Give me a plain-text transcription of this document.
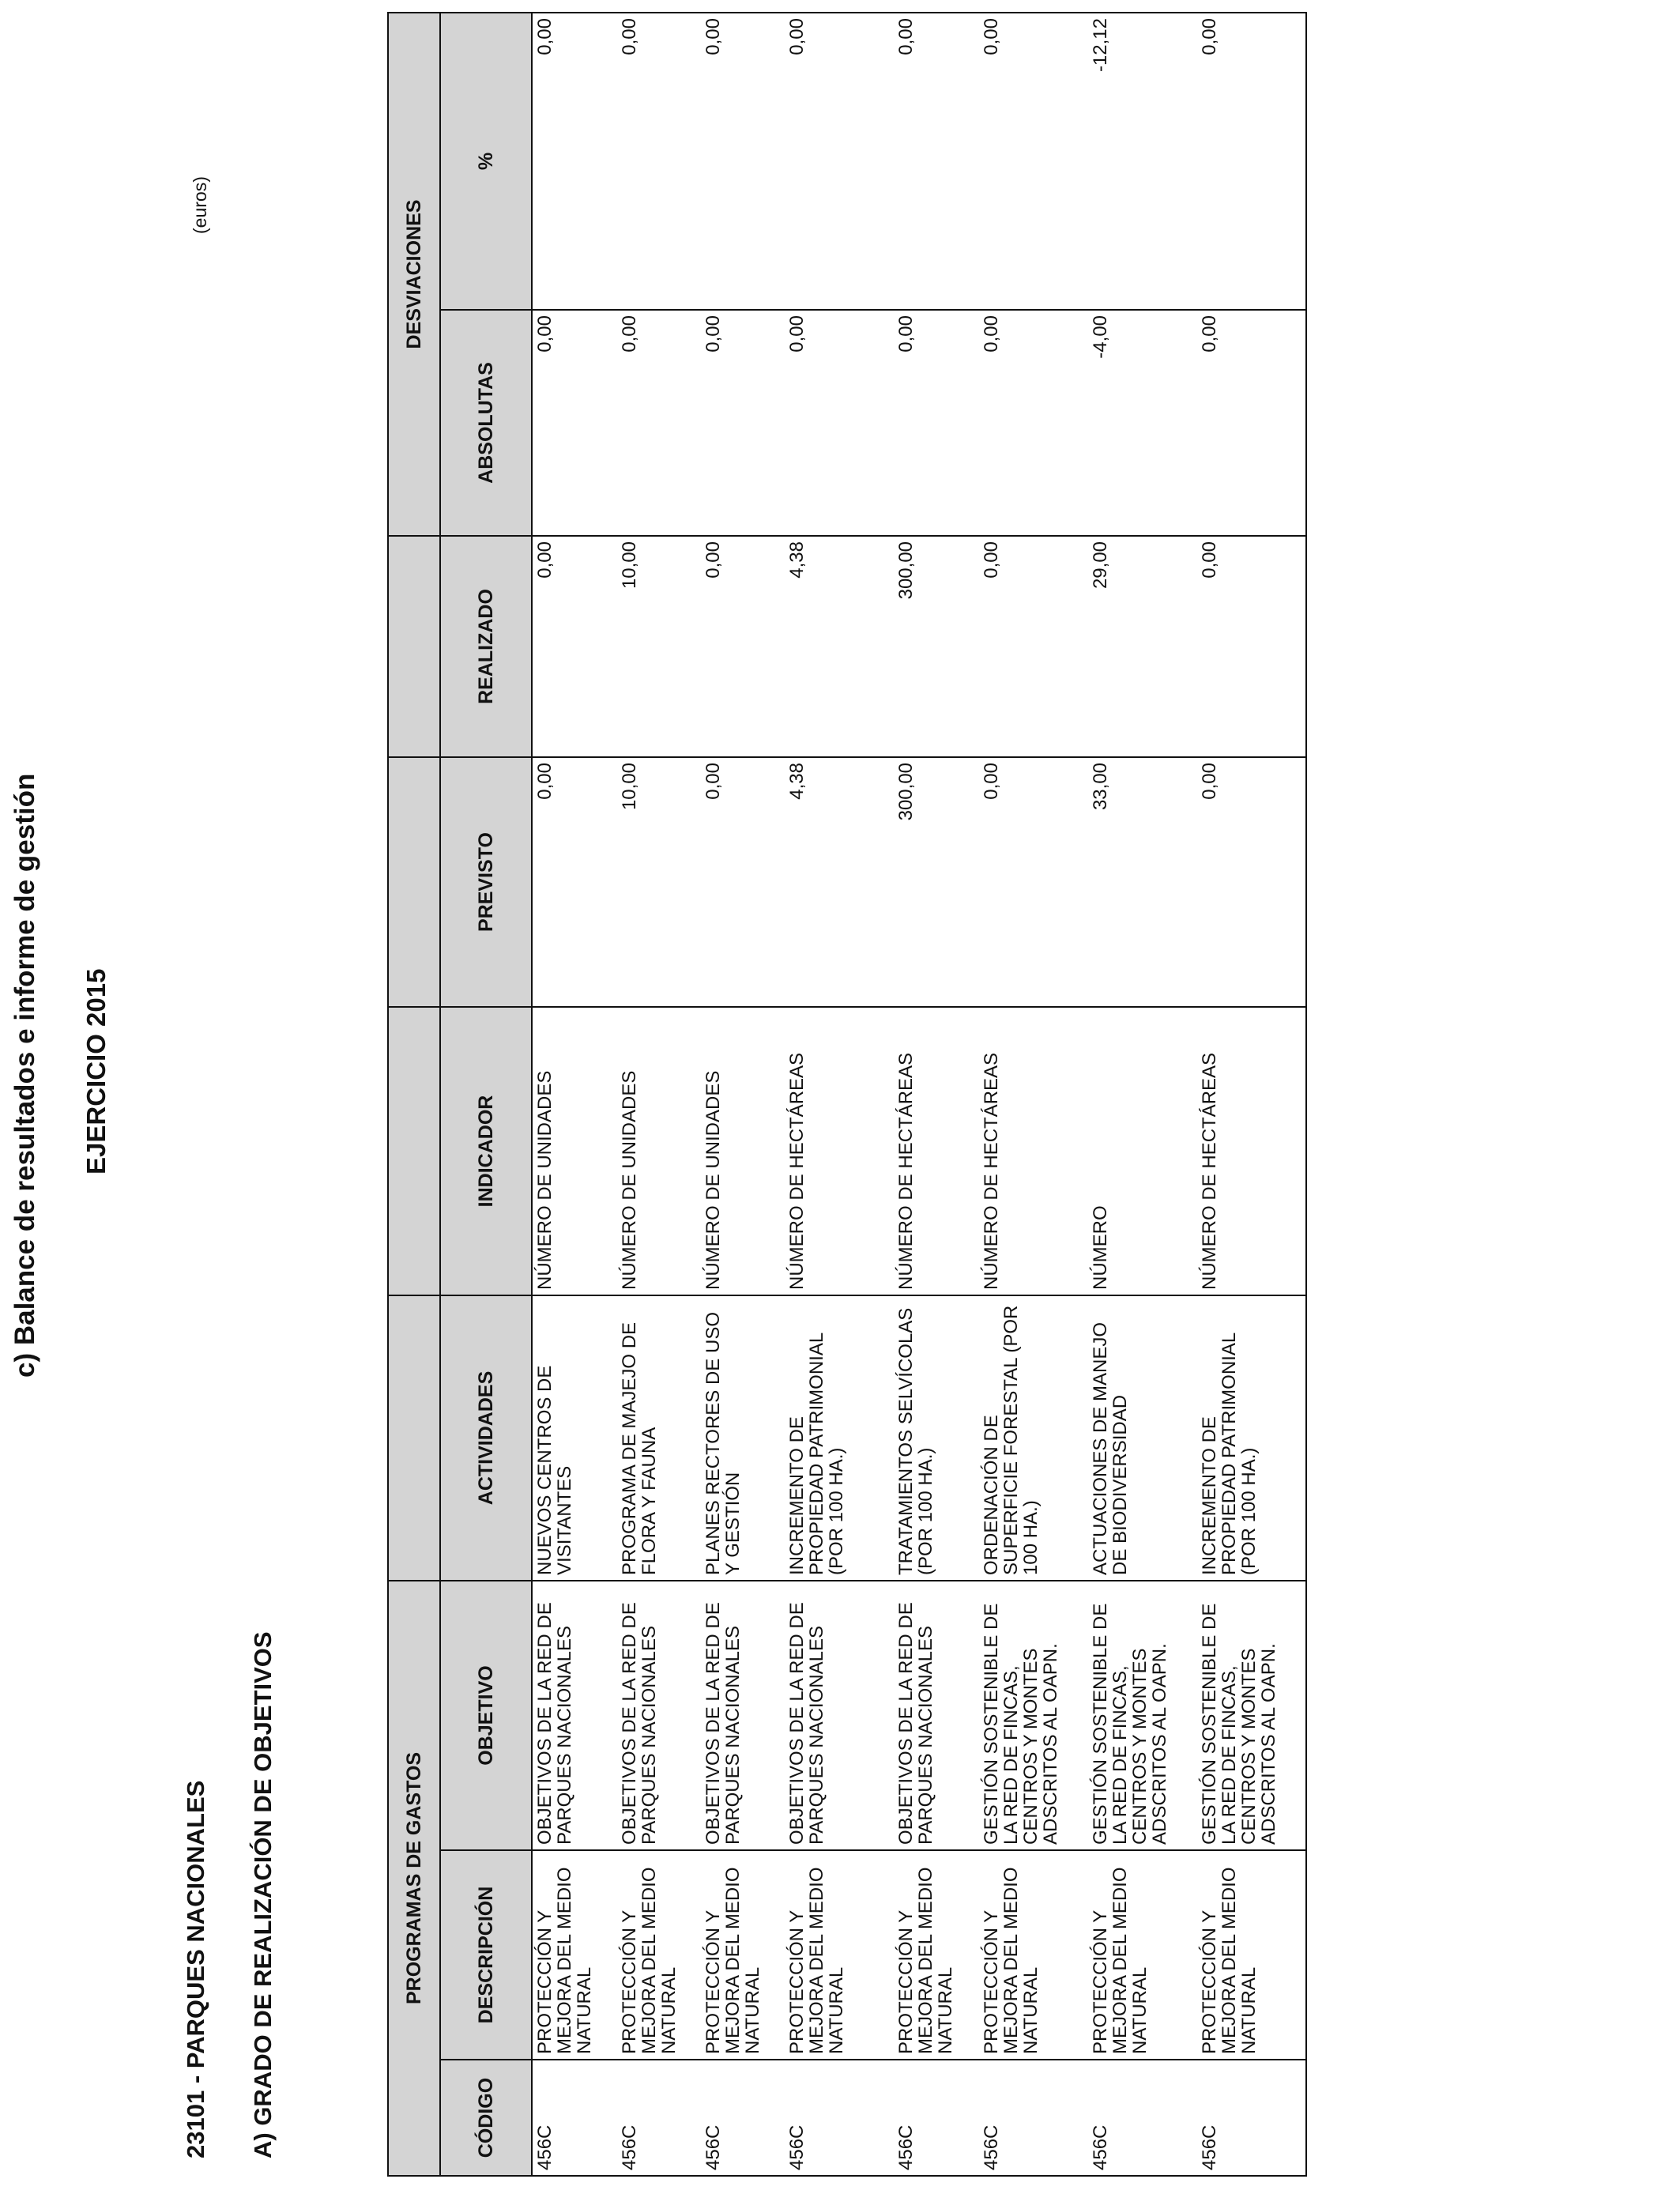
c) Balance de resultados e informe de gestión EJERCICIO 2015
23101 - PARQUES NACIONALES A) GRADO DE REALIZACIÓN DE OBJETIVOS
(euros)
PROGRAMAS DE GASTOS							DESVIACIONES	
CÓDIGO	DESCRIPCIÓN	OBJETIVO	ACTIVIDADES	INDICADOR	PREVISTO	REALIZADO	ABSOLUTAS	%
456C	PROTECCIÓN Y MEJORA DEL MEDIO NATURAL	OBJETIVOS DE LA RED DE PARQUES NACIONALES	NUEVOS CENTROS DE VISITANTES	NÚMERO DE UNIDADES	0,00	0,00	0,00	0,00
456C	PROTECCIÓN Y MEJORA DEL MEDIO NATURAL	OBJETIVOS DE LA RED DE PARQUES NACIONALES	PROGRAMA DE MAJEJO DE FLORA Y FAUNA	NÚMERO DE UNIDADES	10,00	10,00	0,00	0,00
456C	PROTECCIÓN Y MEJORA DEL MEDIO NATURAL	OBJETIVOS DE LA RED DE PARQUES NACIONALES	PLANES RECTORES DE USO Y GESTIÓN	NÚMERO DE UNIDADES	0,00	0,00	0,00	0,00
456C	PROTECCIÓN Y MEJORA DEL MEDIO NATURAL	OBJETIVOS DE LA RED DE PARQUES NACIONALES	INCREMENTO DE PROPIEDAD PATRIMONIAL (POR 100 HA.)	NÚMERO DE HECTÁREAS	4,38	4,38	0,00	0,00
456C	PROTECCIÓN Y MEJORA DEL MEDIO NATURAL	OBJETIVOS DE LA RED DE PARQUES NACIONALES	TRATAMIENTOS SELVÍCOLAS (POR 100 HA.)	NÚMERO DE HECTÁREAS	300,00	300,00	0,00	0,00
456C	PROTECCIÓN Y MEJORA DEL MEDIO NATURAL	GESTIÓN SOSTENIBLE DE LA RED DE FINCAS, CENTROS Y MONTES ADSCRITOS AL OAPN.	ORDENACIÓN DE SUPERFICIE FORESTAL (POR 100 HA.)	NÚMERO DE HECTÁREAS	0,00	0,00	0,00	0,00
456C	PROTECCIÓN Y MEJORA DEL MEDIO NATURAL	GESTIÓN SOSTENIBLE DE LA RED DE FINCAS, CENTROS Y MONTES ADSCRITOS AL OAPN.	ACTUACIONES DE MANEJO DE BIODIVERSIDAD	NÚMERO	33,00	29,00	-4,00	-12,12
456C	PROTECCIÓN Y MEJORA DEL MEDIO NATURAL	GESTIÓN SOSTENIBLE DE LA RED DE FINCAS, CENTROS Y MONTES ADSCRITOS AL OAPN.	INCREMENTO DE PROPIEDAD PATRIMONIAL (POR 100 HA.)	NÚMERO DE HECTÁREAS	0,00	0,00	0,00	0,00
